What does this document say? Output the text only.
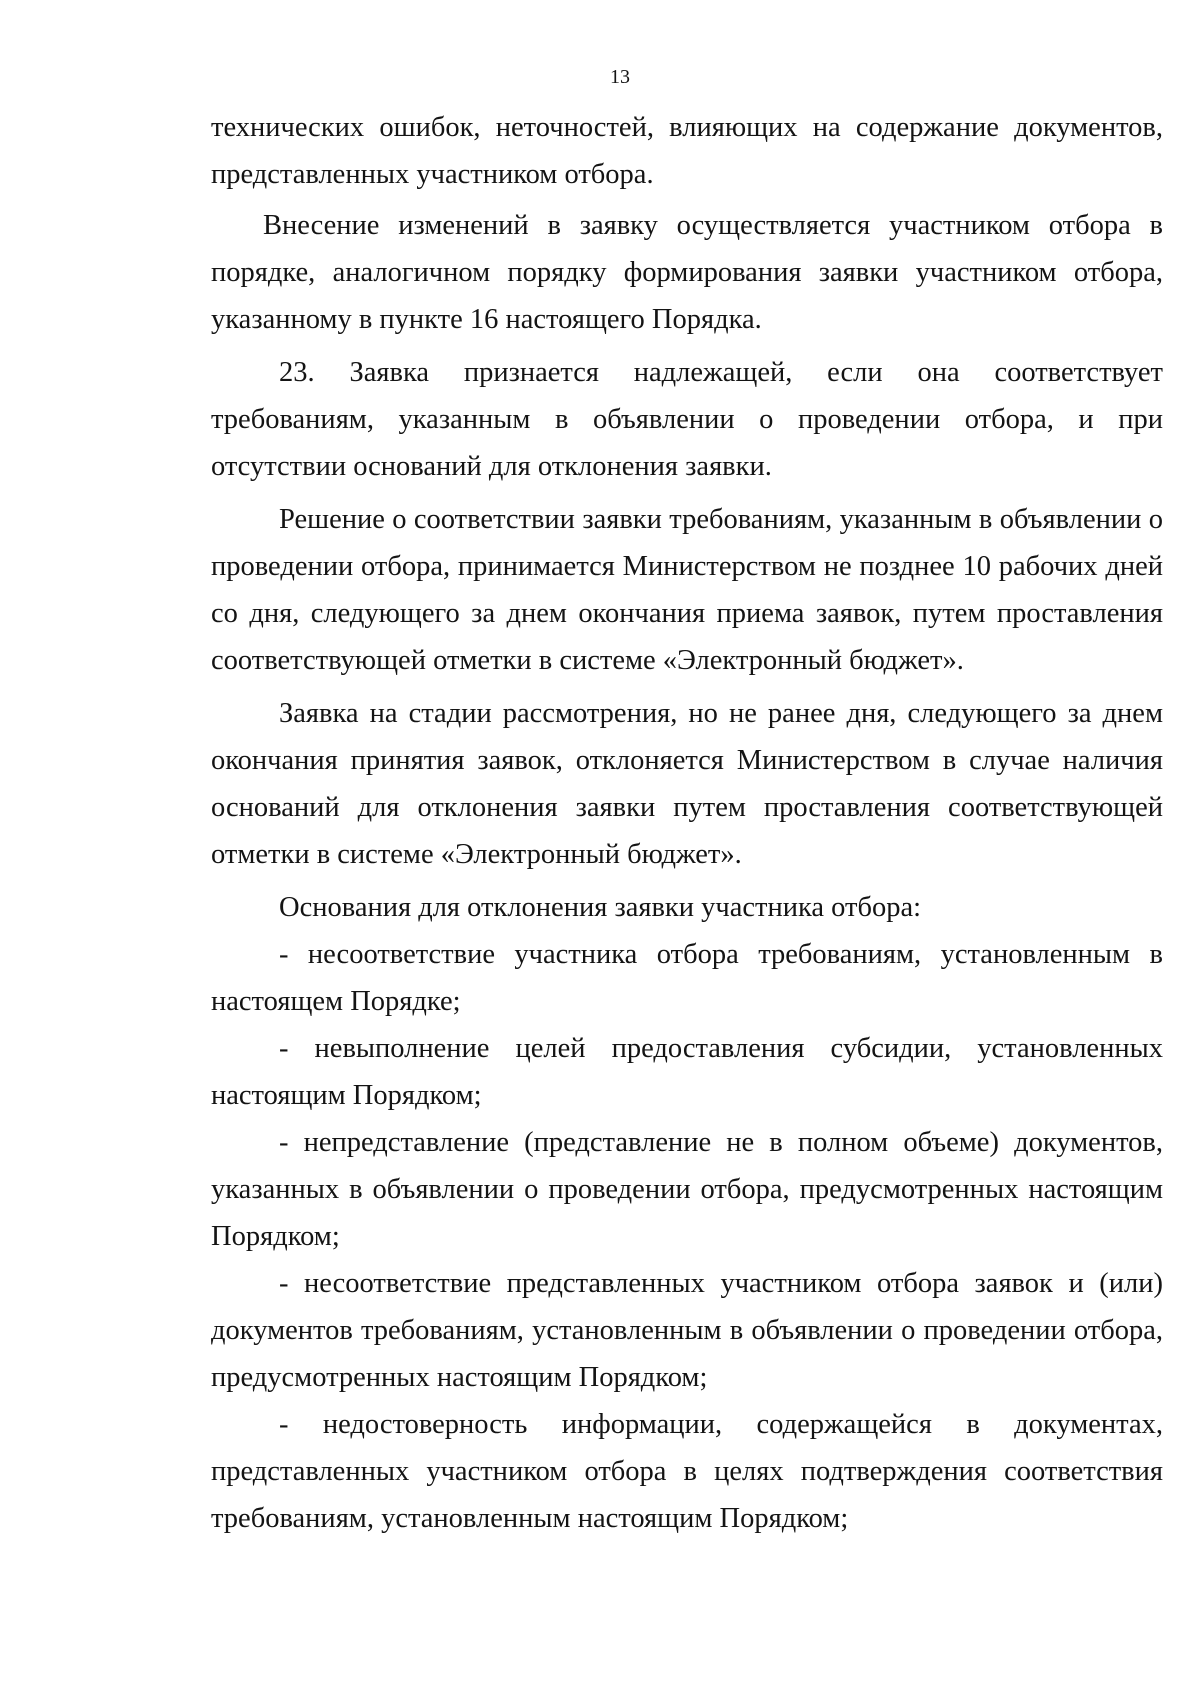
13

технических ошибок, неточностей, влияющих на содержание документов, представленных участником отбора.

Внесение изменений в заявку осуществляется участником отбора в порядке, аналогичном порядку формирования заявки участником отбора, указанному в пункте 16 настоящего Порядка.

23. Заявка признается надлежащей, если она соответствует требованиям, указанным в объявлении о проведении отбора, и при отсутствии оснований для отклонения заявки.

Решение о соответствии заявки требованиям, указанным в объявлении о проведении отбора, принимается Министерством не позднее 10 рабочих дней со дня, следующего за днем окончания приема заявок, путем проставления соответствующей отметки в системе «Электронный бюджет».

Заявка на стадии рассмотрения, но не ранее дня, следующего за днем окончания принятия заявок, отклоняется Министерством в случае наличия оснований для отклонения заявки путем проставления соответствующей отметки в системе «Электронный бюджет».

Основания для отклонения заявки участника отбора:

- несоответствие участника отбора требованиям, установленным в настоящем Порядке;

- невыполнение целей предоставления субсидии, установленных настоящим Порядком;

- непредставление (представление не в полном объеме) документов, указанных в объявлении о проведении отбора, предусмотренных настоящим Порядком;

- несоответствие представленных участником отбора заявок и (или) документов требованиям, установленным в объявлении о проведении отбора, предусмотренных настоящим Порядком;

- недостоверность информации, содержащейся в документах, представленных участником отбора в целях подтверждения соответствия требованиям, установленным настоящим Порядком;
